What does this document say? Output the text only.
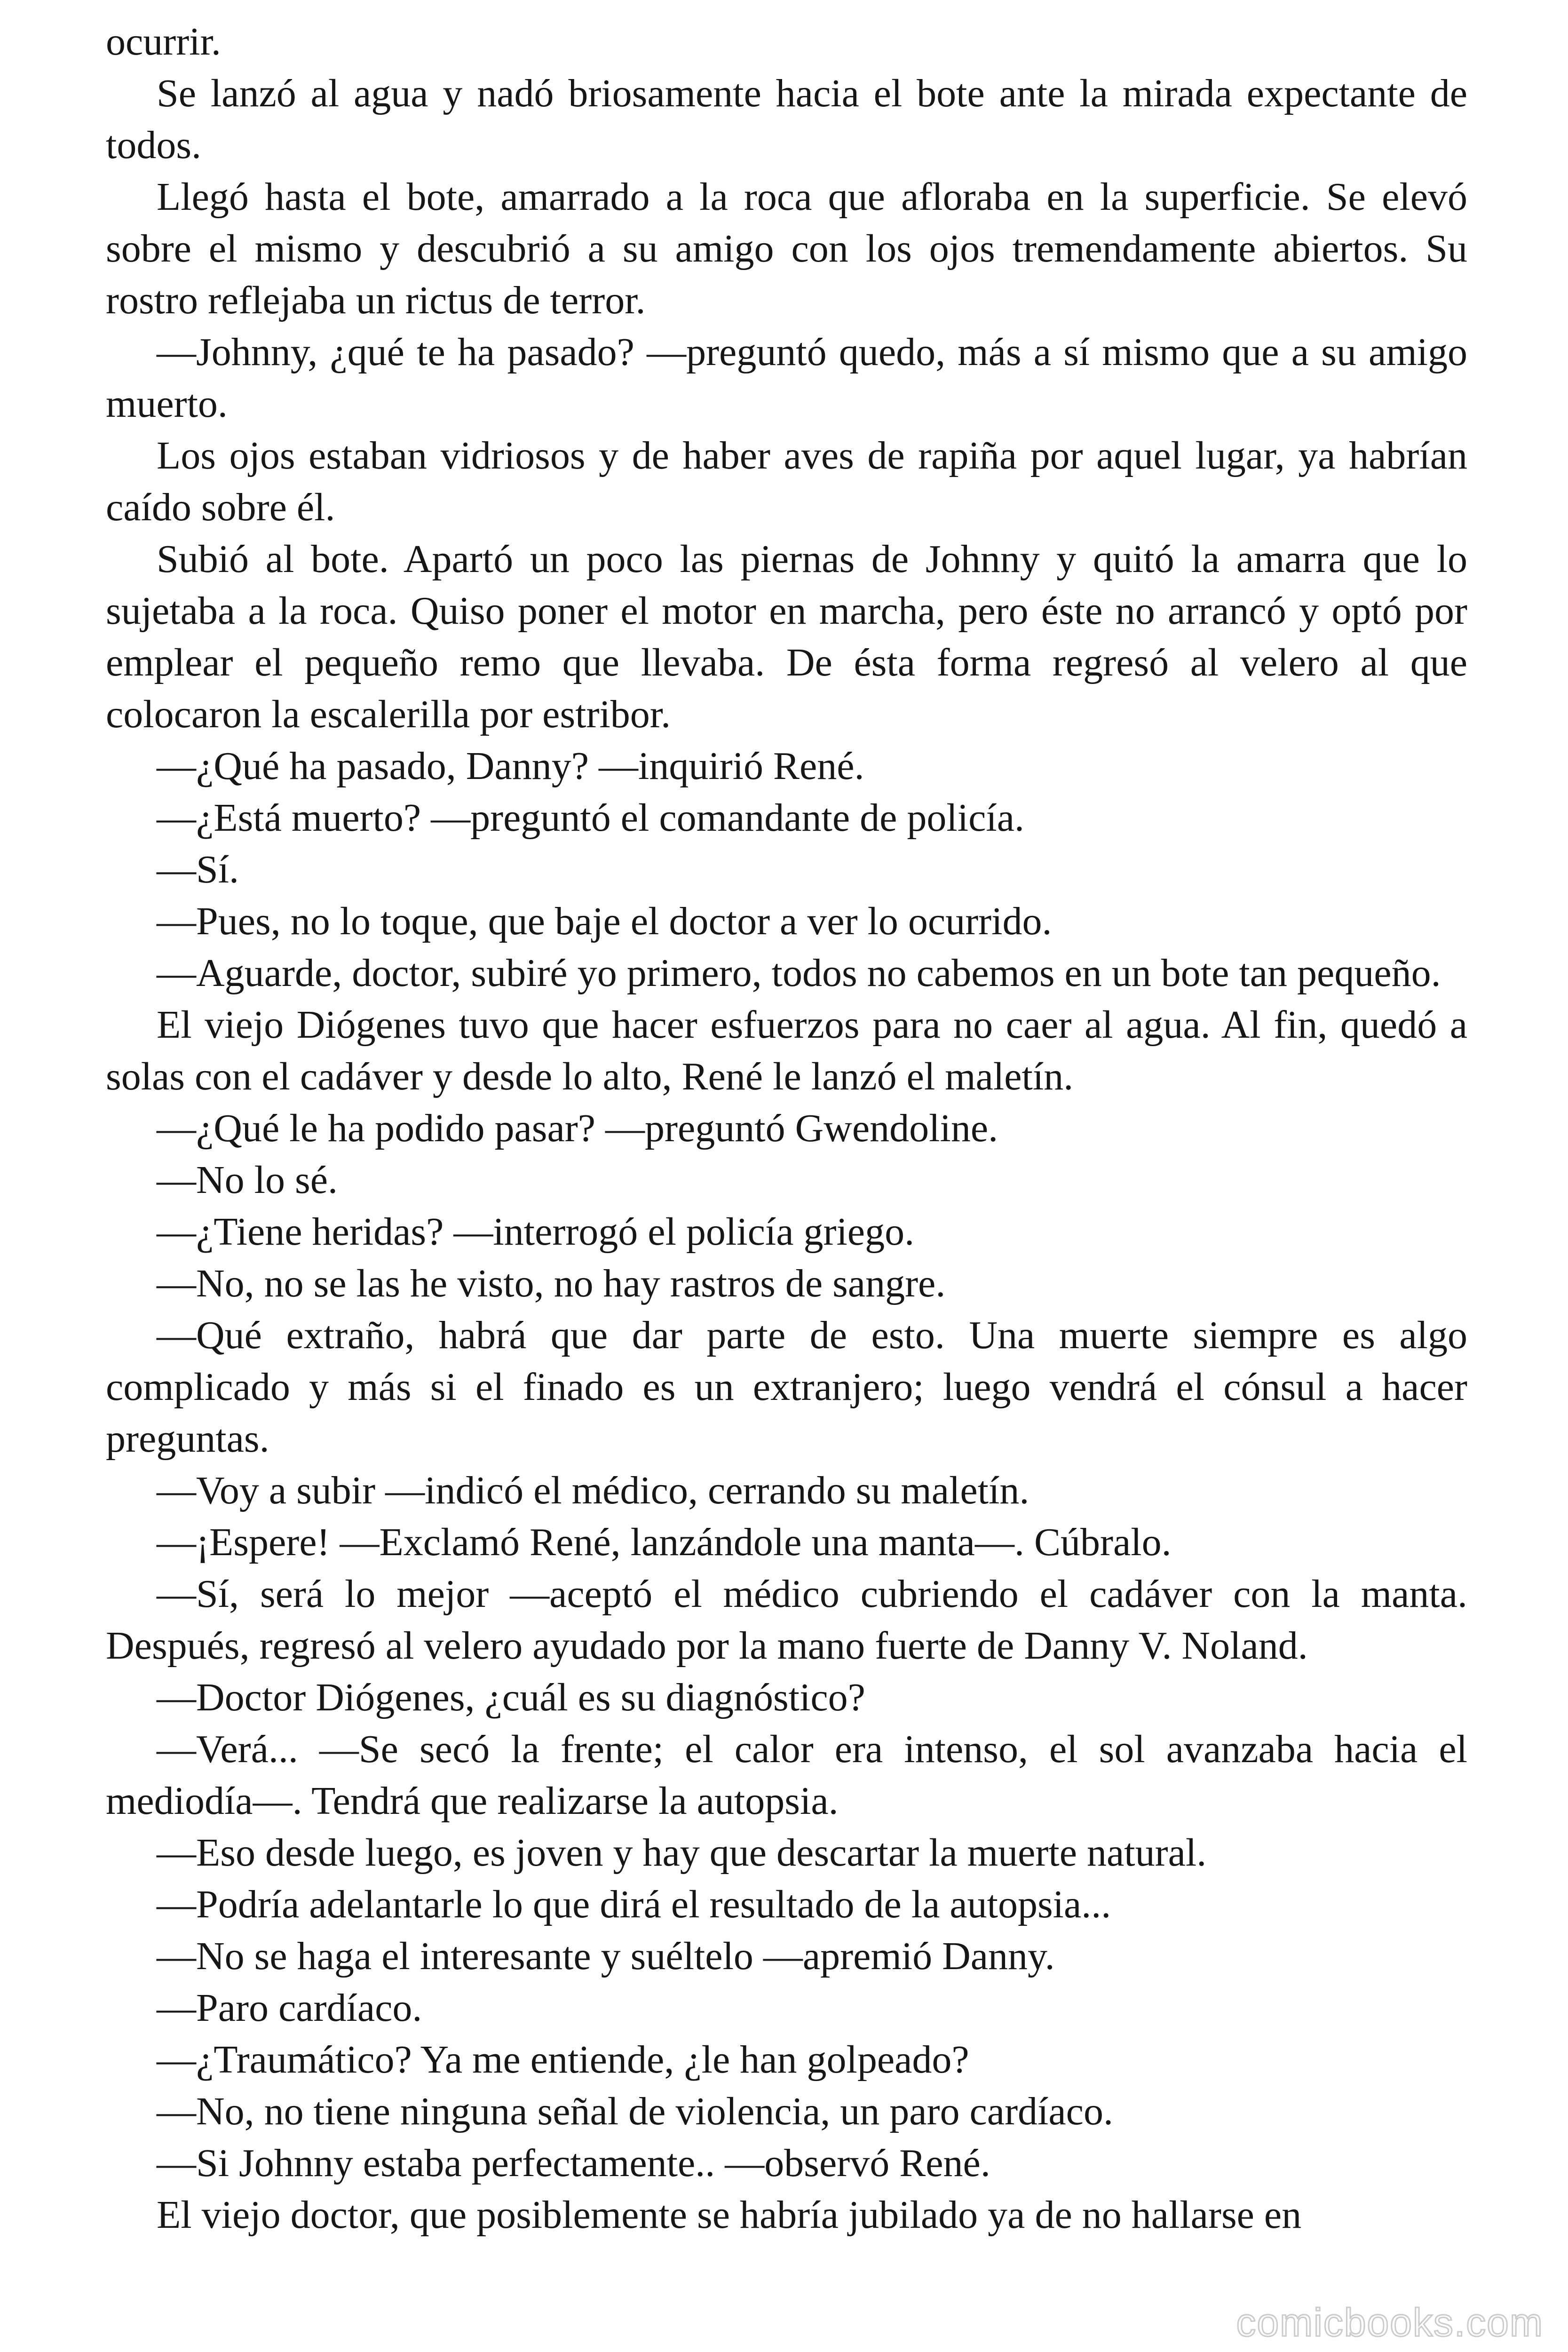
ocurrir.

Se lanzó al agua y nadó briosamente hacia el bote ante la mirada expectante de todos.

Llegó hasta el bote, amarrado a la roca que afloraba en la superficie. Se elevó sobre el mismo y descubrió a su amigo con los ojos tremendamente abiertos. Su rostro reflejaba un rictus de terror.

—Johnny, ¿qué te ha pasado? —preguntó quedo, más a sí mismo que a su amigo muerto.

Los ojos estaban vidriosos y de haber aves de rapiña por aquel lugar, ya habrían caído sobre él.

Subió al bote. Apartó un poco las piernas de Johnny y quitó la amarra que lo sujetaba a la roca. Quiso poner el motor en marcha, pero éste no arrancó y optó por emplear el pequeño remo que llevaba. De ésta forma regresó al velero al que colocaron la escalerilla por estribor.

—¿Qué ha pasado, Danny? —inquirió René.

—¿Está muerto? —preguntó el comandante de policía.

—Sí.

—Pues, no lo toque, que baje el doctor a ver lo ocurrido.

—Aguarde, doctor, subiré yo primero, todos no cabemos en un bote tan pequeño.

El viejo Diógenes tuvo que hacer esfuerzos para no caer al agua. Al fin, quedó a solas con el cadáver y desde lo alto, René le lanzó el maletín.

—¿Qué le ha podido pasar? —preguntó Gwendoline.

—No lo sé.

—¿Tiene heridas? —interrogó el policía griego.

—No, no se las he visto, no hay rastros de sangre.

—Qué extraño, habrá que dar parte de esto. Una muerte siempre es algo complicado y más si el finado es un extranjero; luego vendrá el cónsul a hacer preguntas.

—Voy a subir —indicó el médico, cerrando su maletín.

—¡Espere! —Exclamó René, lanzándole una manta—. Cúbralo.

—Sí, será lo mejor —aceptó el médico cubriendo el cadáver con la manta. Después, regresó al velero ayudado por la mano fuerte de Danny V. Noland.

—Doctor Diógenes, ¿cuál es su diagnóstico?

—Verá... —Se secó la frente; el calor era intenso, el sol avanzaba hacia el mediodía—. Tendrá que realizarse la autopsia.

—Eso desde luego, es joven y hay que descartar la muerte natural.

—Podría adelantarle lo que dirá el resultado de la autopsia...

—No se haga el interesante y suéltelo —apremió Danny.

—Paro cardíaco.

—¿Traumático? Ya me entiende, ¿le han golpeado?

—No, no tiene ninguna señal de violencia, un paro cardíaco.

—Si Johnny estaba perfectamente.. —observó René.

El viejo doctor, que posiblemente se habría jubilado ya de no hallarse en

comicbooks.com
